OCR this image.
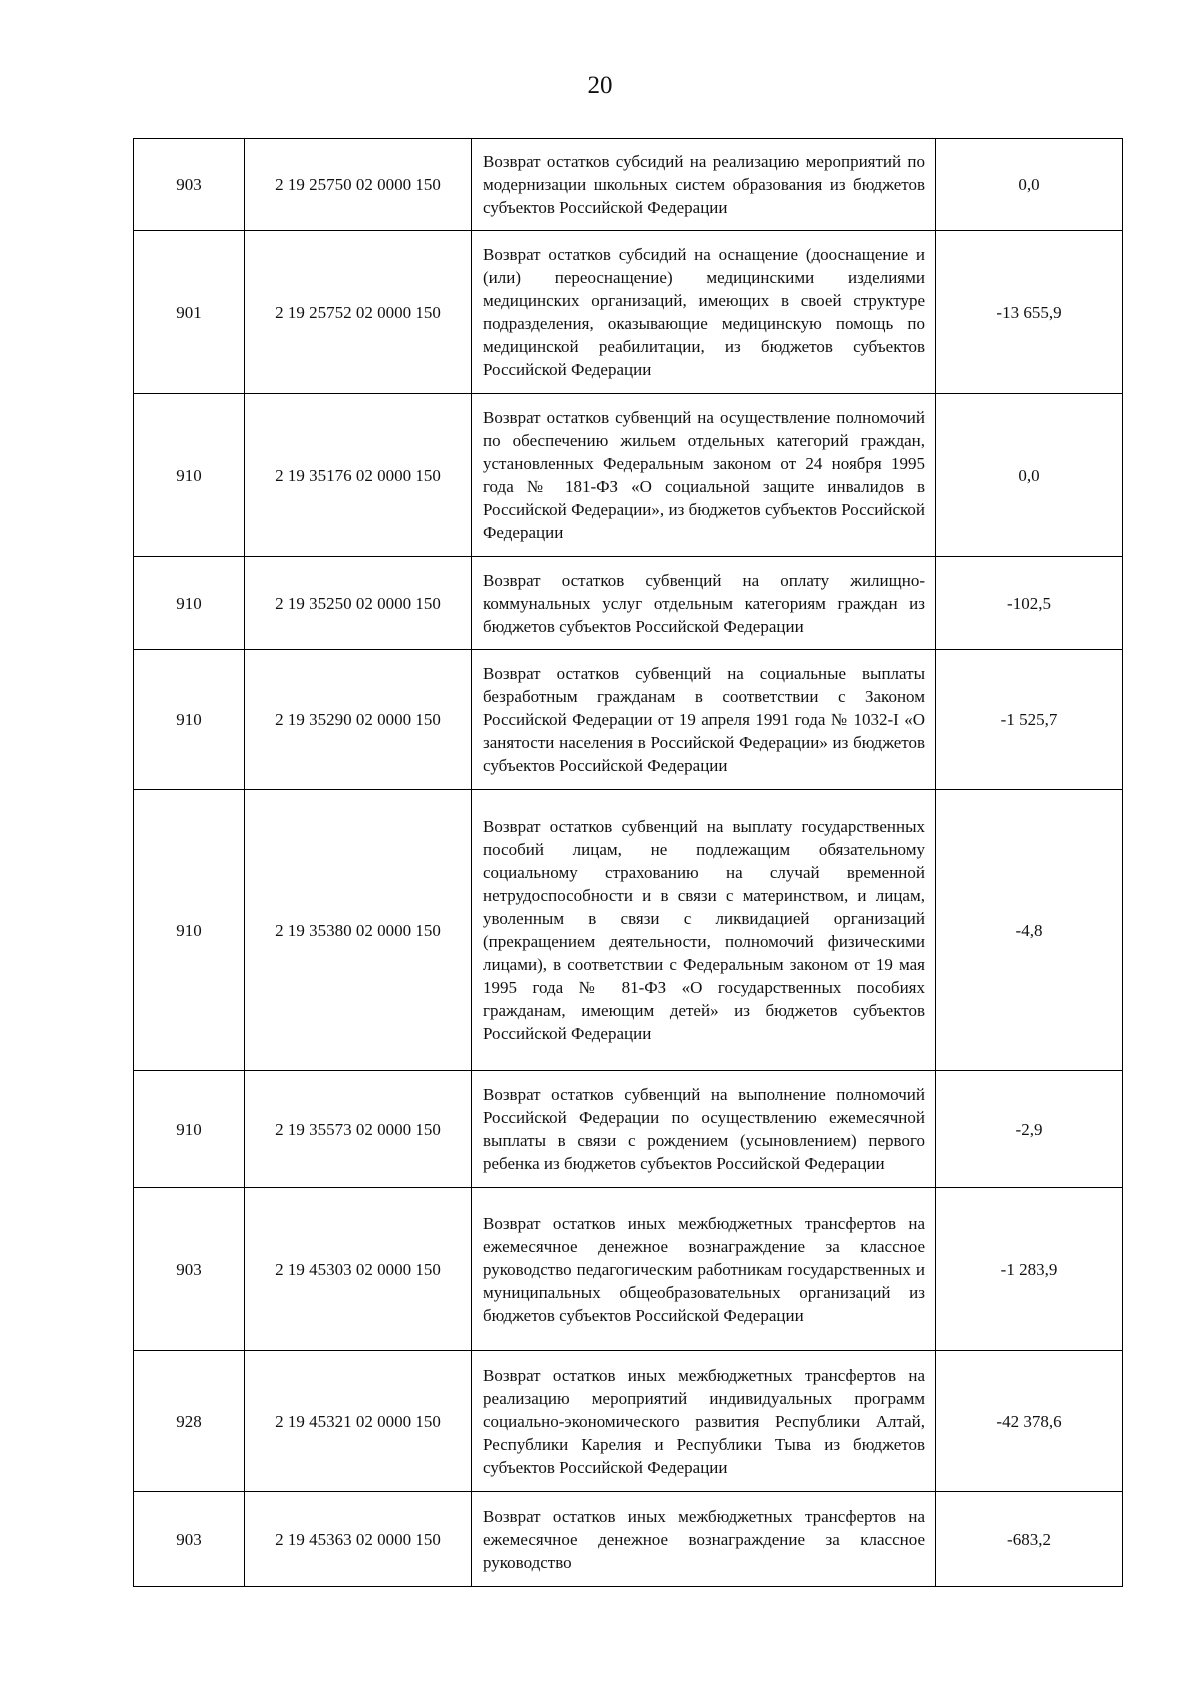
20
903	2 19 25750 02 0000 150	Возврат остатков субсидий на реализацию мероприятий по модернизации школьных систем образования из бюджетов субъектов Российской Федерации	0,0
901	2 19 25752 02 0000 150	Возврат остатков субсидий на оснащение (дооснащение и (или) переоснащение) медицинскими изделиями медицинских организаций, имеющих в своей структуре подразделения, оказывающие медицинскую помощь по медицинской реабилитации, из бюджетов субъектов Российской Федерации	-13 655,9
910	2 19 35176 02 0000 150	Возврат остатков субвенций на осуществление полномочий по обеспечению жильем отдельных категорий граждан, установленных Федеральным законом от 24 ноября 1995 года № 181-ФЗ «О социальной защите инвалидов в Российской Федерации», из бюджетов субъектов Российской Федерации	0,0
910	2 19 35250 02 0000 150	Возврат остатков субвенций на оплату жилищно-коммунальных услуг отдельным категориям граждан из бюджетов субъектов Российской Федерации	-102,5
910	2 19 35290 02 0000 150	Возврат остатков субвенций на социальные выплаты безработным гражданам в соответствии с Законом Российской Федерации от 19 апреля 1991 года № 1032-I «О занятости населения в Российской Федерации» из бюджетов субъектов Российской Федерации	-1 525,7
910	2 19 35380 02 0000 150	Возврат остатков субвенций на выплату государственных пособий лицам, не подлежащим обязательному социальному страхованию на случай временной нетрудоспособности и в связи с материнством, и лицам, уволенным в связи с ликвидацией организаций (прекращением деятельности, полномочий физическими лицами), в соответствии с Федеральным законом от 19 мая 1995 года № 81-ФЗ «О государственных пособиях гражданам, имеющим детей» из бюджетов субъектов Российской Федерации	-4,8
910	2 19 35573 02 0000 150	Возврат остатков субвенций на выполнение полномочий Российской Федерации по осуществлению ежемесячной выплаты в связи с рождением (усыновлением) первого ребенка из бюджетов субъектов Российской Федерации	-2,9
903	2 19 45303 02 0000 150	Возврат остатков иных межбюджетных трансфертов на ежемесячное денежное вознаграждение за классное руководство педагогическим работникам государственных и муниципальных общеобразовательных организаций из бюджетов субъектов Российской Федерации	-1 283,9
928	2 19 45321 02 0000 150	Возврат остатков иных межбюджетных трансфертов на реализацию мероприятий индивидуальных программ социально-экономического развития Республики Алтай, Республики Карелия и Республики Тыва из бюджетов субъектов Российской Федерации	-42 378,6
903	2 19 45363 02 0000 150	Возврат остатков иных межбюджетных трансфертов на ежемесячное денежное вознаграждение за классное руководство	-683,2
